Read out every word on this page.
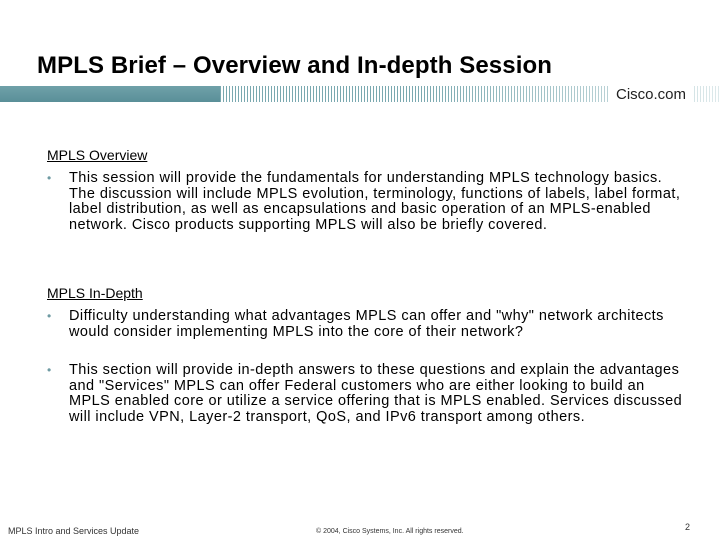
MPLS Brief – Overview and In-depth Session
Cisco.com
MPLS Overview

• This session will provide the fundamentals for understanding MPLS technology basics. The discussion will include MPLS evolution, terminology, functions of labels, label format, label distribution, as well as encapsulations and basic operation of an MPLS-enabled network. Cisco products supporting MPLS will also be briefly covered.

MPLS In-Depth

• Difficulty understanding what advantages MPLS can offer and "why" network architects would consider implementing MPLS into the core of their network?

• This section will provide in-depth answers to these questions and explain the advantages and "Services" MPLS can offer Federal customers who are either looking to build an MPLS enabled core or utilize a service offering that is MPLS enabled. Services discussed will include VPN, Layer-2 transport, QoS, and IPv6 transport among others.

MPLS Intro and Services Update	© 2004, Cisco Systems, Inc. All rights reserved.	2
